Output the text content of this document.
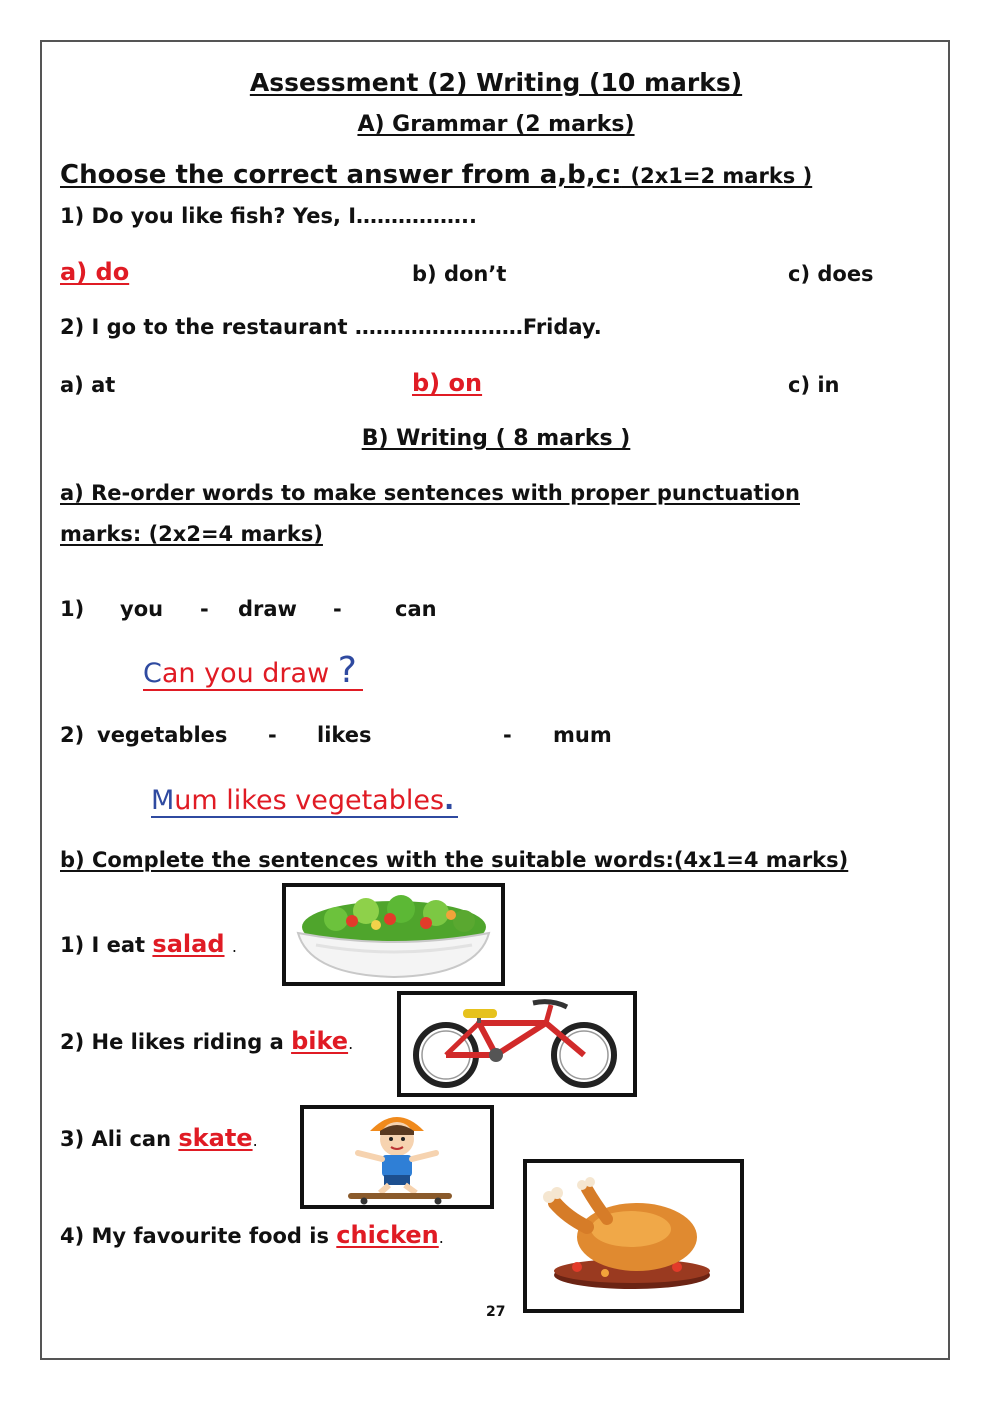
Assessment (2) Writing (10 marks)
A) Grammar (2 marks)
Choose the correct answer from a,b,c: (2x1=2 marks )
1) Do you like fish? Yes, I……………..
a) do	b) don’t	c) does
2) I go to the restaurant ……………………Friday.
a) at	b) on	c) in
B) Writing ( 8 marks )
a) Re-order words to make sentences with proper punctuation
marks: (2x2=4 marks)
1) you - draw -	can
Can you draw ?
2) vegetables - likes	- mum
Mum likes vegetables.
b) Complete the sentences with the suitable words:(4x1=4 marks)
1) I eat salad .
2) He likes riding a bike.
3) Ali can skate.
4) My favourite food is chicken.
27
